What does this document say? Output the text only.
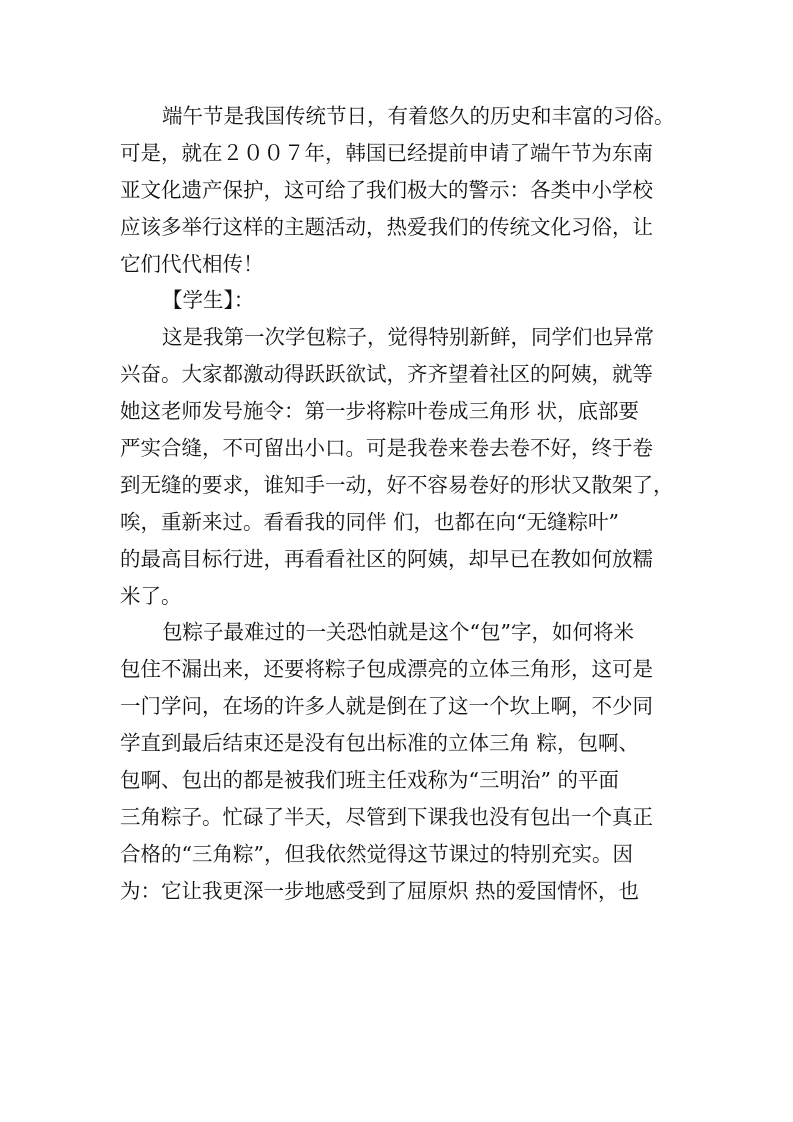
端午节是我国传统节日，有着悠久的历史和丰富的习俗。
可是，就在２００７年，韩国已经提前申请了端午节为东南
亚文化遗产保护，这可给了我们极大的警示：各类中小学校
应该多举行这样的主题活动，热爱我们的传统文化习俗，让
它们代代相传！
【学生】：
这是我第一次学包粽子，觉得特别新鲜，同学们也异常
兴奋。大家都激动得跃跃欲试，齐齐望着社区的阿姨，就等
她这老师发号施令：第一步将粽叶卷成三角形 状，底部要
严实合缝，不可留出小口。可是我卷来卷去卷不好，终于卷
到无缝的要求，谁知手一动，好不容易卷好的形状又散架了，
唉，重新来过。看看我的同伴 们，也都在向“无缝粽叶”
的最高目标行进，再看看社区的阿姨，却早已在教如何放糯
米了。
包粽子最难过的一关恐怕就是这个“包”字，如何将米
包住不漏出来，还要将粽子包成漂亮的立体三角形，这可是
一门学问，在场的许多人就是倒在了这一个坎上啊，不少同
学直到最后结束还是没有包出标准的立体三角 粽，包啊、
包啊、包出的都是被我们班主任戏称为“三明治” 的平面
三角粽子。忙碌了半天，尽管到下课我也没有包出一个真正
合格的“三角粽”，但我依然觉得这节课过的特别充实。因
为：它让我更深一步地感受到了屈原炽 热的爱国情怀，也
